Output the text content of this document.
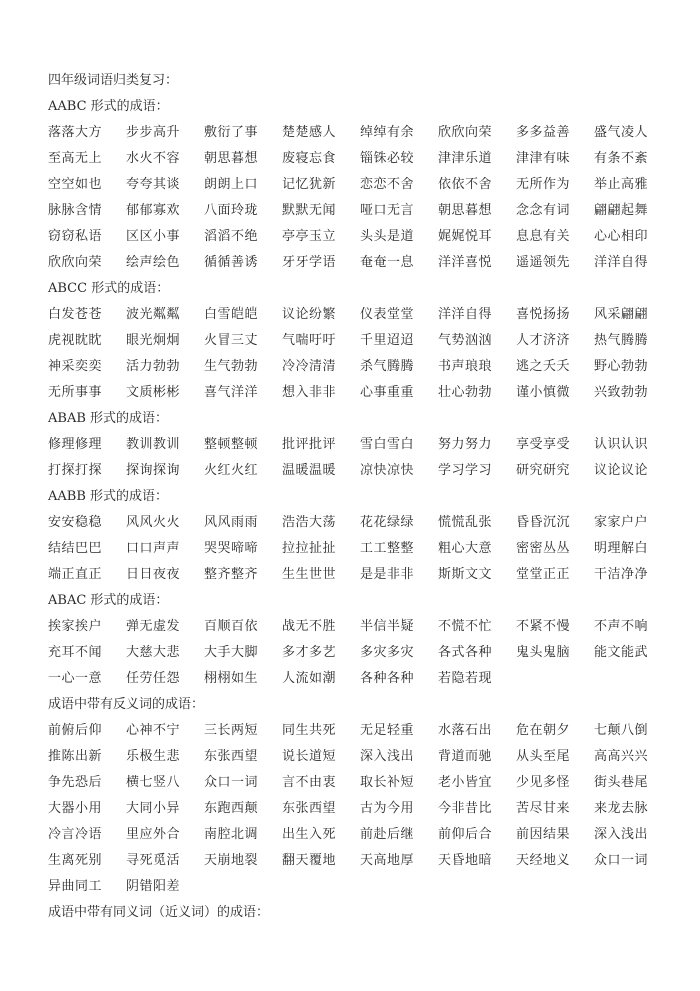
四年级词语归类复习：
AABC 形式的成语：
落落大方	步步高升	敷衍了事	楚楚感人	绰绰有余	欣欣向荣	多多益善	盛气凌人
至高无上	水火不容	朝思暮想	废寝忘食	锱铢必较	津津乐道	津津有味	有条不紊
空空如也	夸夸其谈	朗朗上口	记忆犹新	恋恋不舍	依依不舍	无所作为	举止高雅
脉脉含情	郁郁寡欢	八面玲珑	默默无闻	哑口无言	朝思暮想	念念有词	翩翩起舞
窃窃私语	区区小事	滔滔不绝	亭亭玉立	头头是道	娓娓悦耳	息息有关	心心相印
欣欣向荣	绘声绘色	循循善诱	牙牙学语	奄奄一息	洋洋喜悦	遥遥领先	洋洋自得
ABCC 形式的成语：
白发苍苍	波光粼粼	白雪皑皑	议论纷繁	仪表堂堂	洋洋自得	喜悦扬扬	风采翩翩
虎视眈眈	眼光炯炯	火冒三丈	气喘吁吁	千里迢迢	气势汹汹	人才济济	热气腾腾
神采奕奕	活力勃勃	生气勃勃	冷冷清清	杀气腾腾	书声琅琅	逃之夭夭	野心勃勃
无所事事	文质彬彬	喜气洋洋	想入非非	心事重重	壮心勃勃	谨小慎微	兴致勃勃
ABAB 形式的成语：
修理修理	教训教训	整顿整顿	批评批评	雪白雪白	努力努力	享受享受	认识认识
打探打探	探询探询	火红火红	温暖温暖	凉快凉快	学习学习	研究研究	议论议论
AABB 形式的成语：
安安稳稳	风风火火	风风雨雨	浩浩大荡	花花绿绿	慌慌乱张	昏昏沉沉	家家户户
结结巴巴	口口声声	哭哭啼啼	拉拉扯扯	工工整整	粗心大意	密密丛丛	明理解白
端正直正	日日夜夜	整齐整齐	生生世世	是是非非	斯斯文文	堂堂正正	干洁净净
ABAC 形式的成语：
挨家挨户	弹无虚发	百顺百依	战无不胜	半信半疑	不慌不忙	不紧不慢	不声不响
充耳不闻	大慈大悲	大手大脚	多才多艺	多灾多灾	各式各种	鬼头鬼脑	能文能武
一心一意	任劳任怨	栩栩如生	人流如潮	各种各种	若隐若现
成语中带有反义词的成语：
前俯后仰	心神不宁	三长两短	同生共死	无足轻重	水落石出	危在朝夕	七颠八倒
推陈出新	乐极生悲	东张西望	说长道短	深入浅出	背道而驰	从头至尾	高高兴兴
争先恐后	横七竖八	众口一词	言不由衷	取长补短	老小皆宜	少见多怪	街头巷尾
大器小用	大同小异	东跑西颠	东张西望	古为今用	今非昔比	苦尽甘来	来龙去脉
冷言冷语	里应外合	南腔北调	出生入死	前赴后继	前仰后合	前因结果	深入浅出
生离死别	寻死觅活	天崩地裂	翻天覆地	天高地厚	天昏地暗	天经地义	众口一词
异曲同工	阴错阳差
成语中带有同义词（近义词）的成语：
